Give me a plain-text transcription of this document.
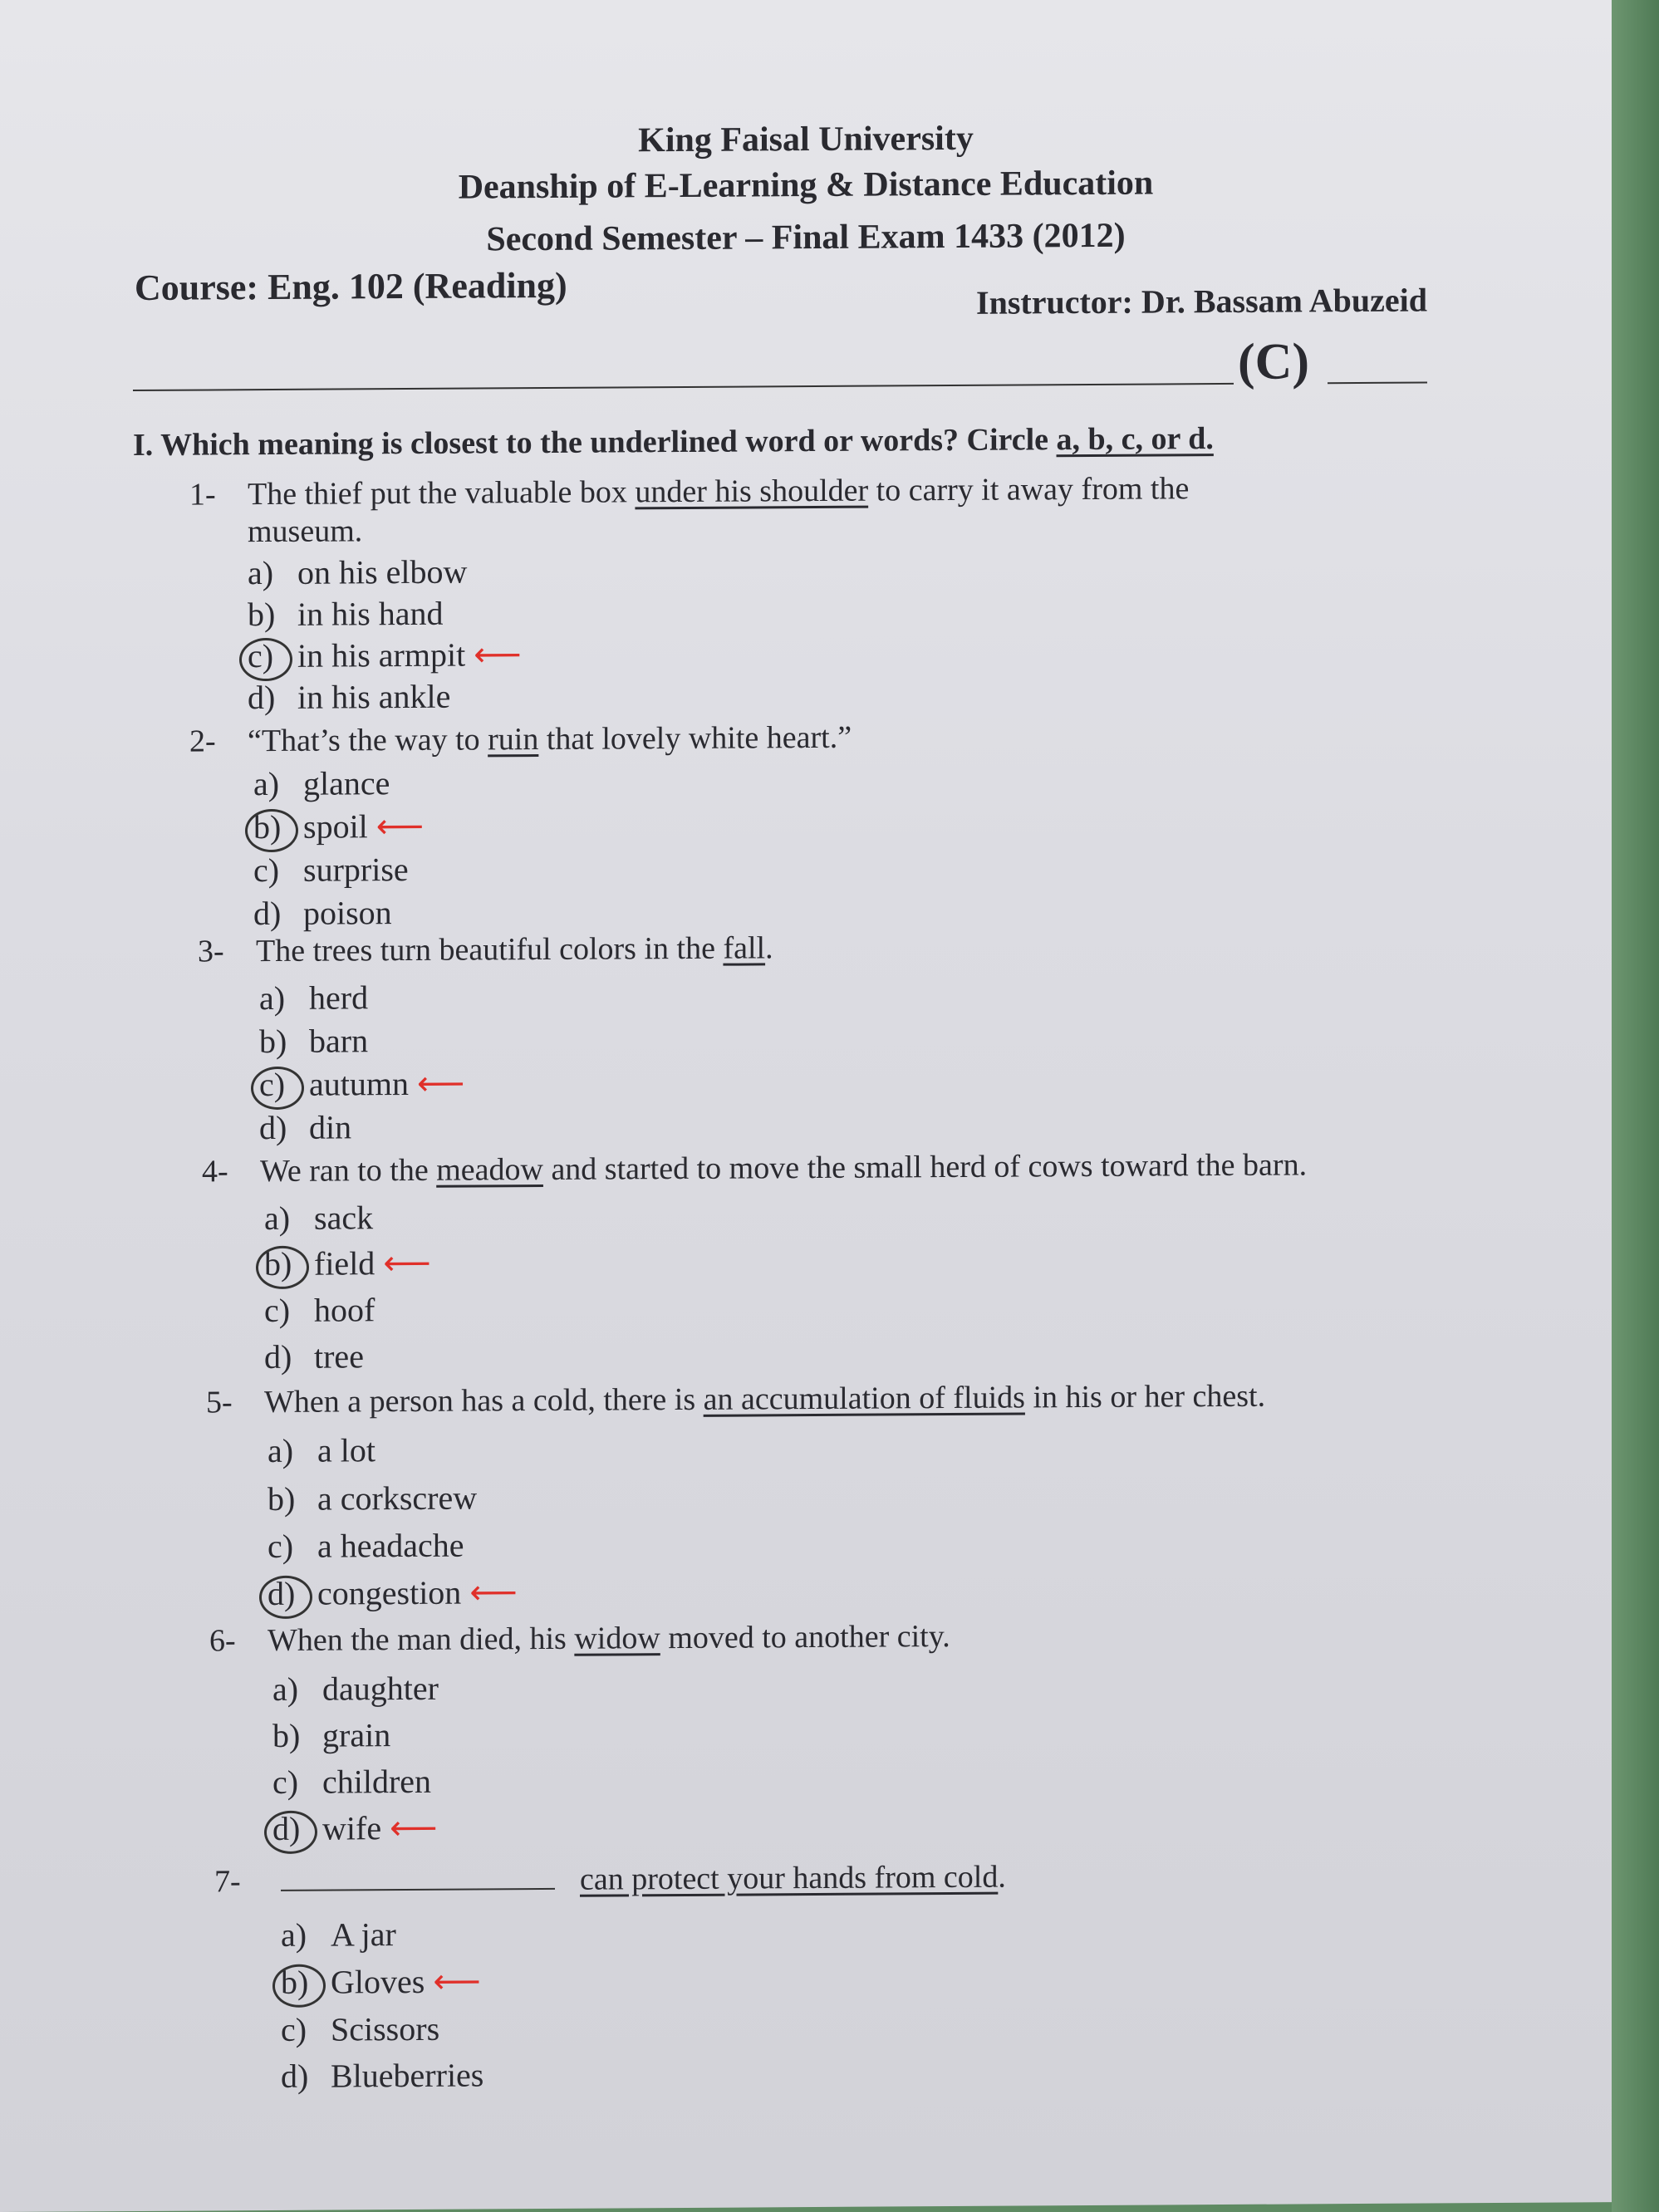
King Faisal University
Deanship of E-Learning & Distance Education
Second Semester – Final Exam 1433 (2012)
Course: Eng. 102 (Reading)	Instructor: Dr. Bassam Abuzeid
(C)
I. Which meaning is closest to the underlined word or words? Circle a, b, c, or d.
1- The thief put the valuable box under his shoulder to carry it away from the
museum.
a) on his elbow
b) in his hand
c) in his armpit ⟵
d) in his ankle
2- “That’s the way to ruin that lovely white heart.”
a) glance
b) spoil ⟵
c) surprise
d) poison
3- The trees turn beautiful colors in the fall.
a) herd
b) barn
c) autumn ⟵
d) din
4- We ran to the meadow and started to move the small herd of cows toward the barn.
a) sack
b) field ⟵
c) hoof
d) tree
5- When a person has a cold, there is an accumulation of fluids in his or her chest.
a) a lot
b) a corkscrew
c) a headache
d) congestion ⟵
6- When the man died, his widow moved to another city.
a) daughter
b) grain
c) children
d) wife ⟵
7-	can protect your hands from cold.
a) A jar
b) Gloves ⟵
c) Scissors
d) Blueberries
